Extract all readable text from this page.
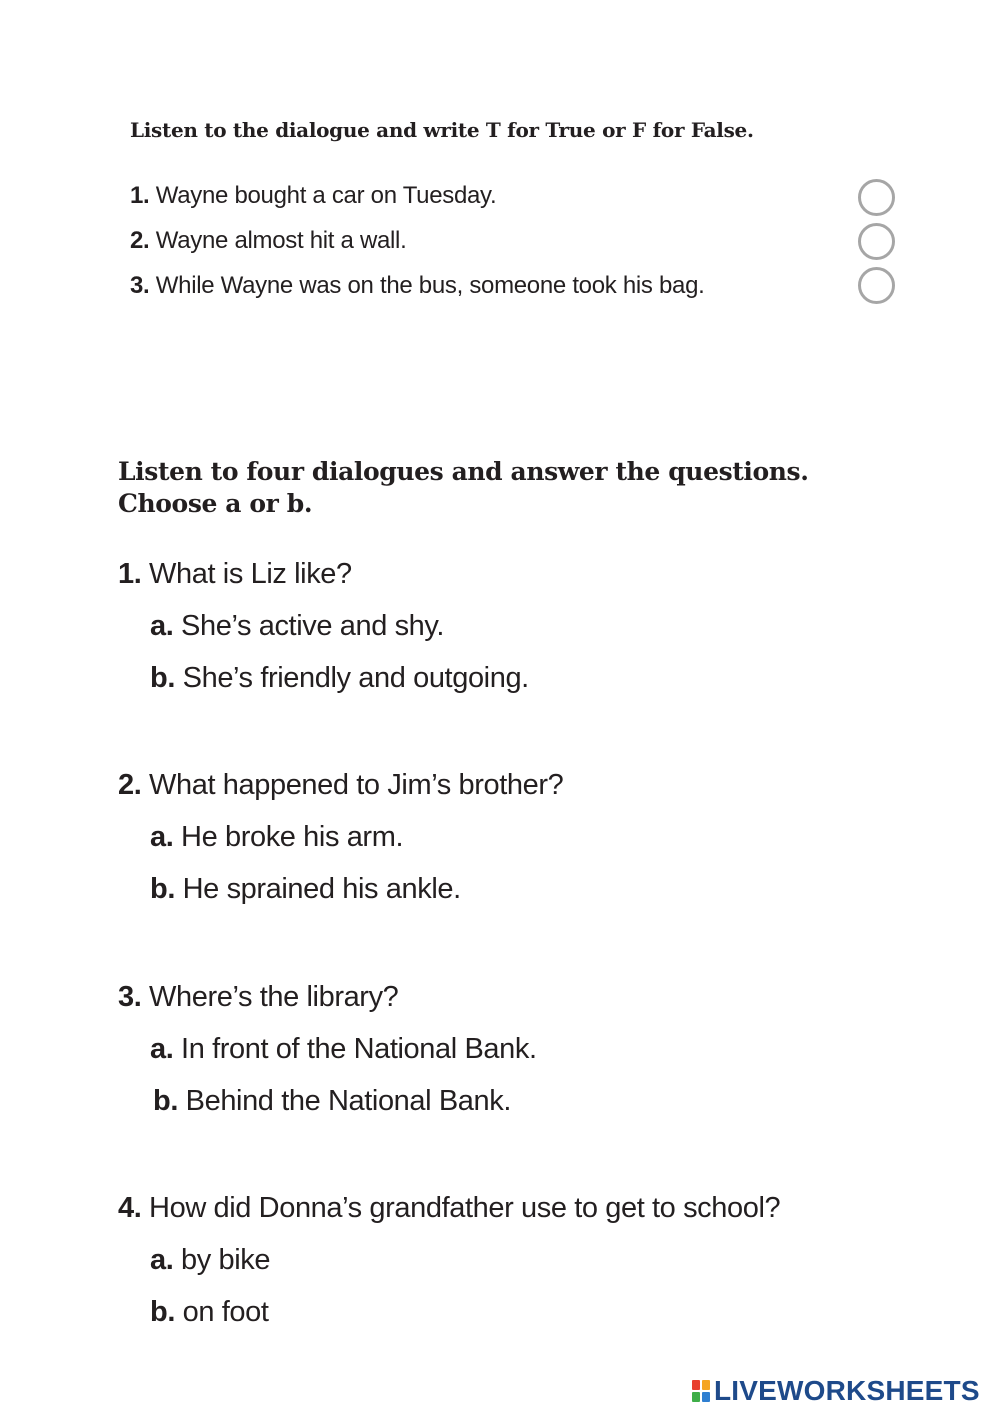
Listen to the dialogue and write T for True or F for False.

1. Wayne bought a car on Tuesday.

2. Wayne almost hit a wall.

3. While Wayne was on the bus, someone took his bag.

Listen to four dialogues and answer the questions.
Choose a or b.

1. What is Liz like?

a. She’s active and shy.

b. She’s friendly and outgoing.

2. What happened to Jim’s brother?

a. He broke his arm.

b. He sprained his ankle.

3. Where’s the library?

a. In front of the National Bank.

b. Behind the National Bank.

4. How did Donna’s grandfather use to get to school?

a. by bike

b. on foot

LIVEWORKSHEETS
